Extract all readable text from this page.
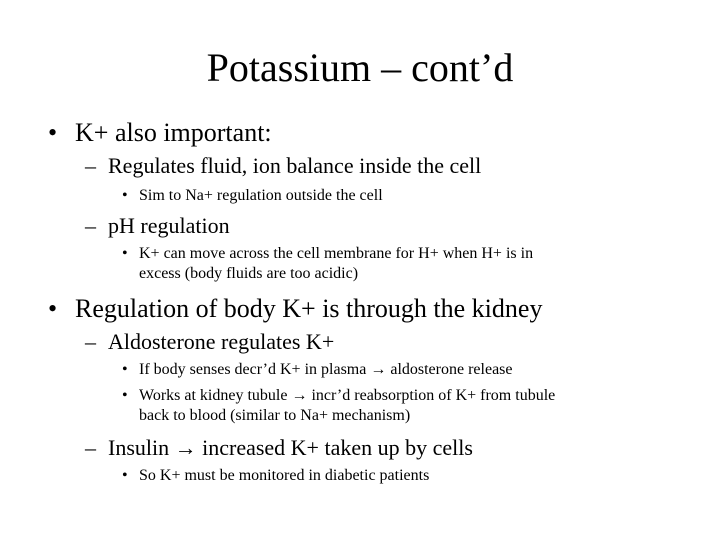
Potassium – cont’d
• K+ also important:
– Regulates fluid, ion balance inside the cell
• Sim to Na+ regulation outside the cell
– pH regulation
• K+ can move across the cell membrane for H+ when H+ is in
excess (body fluids are too acidic)
• Regulation of body K+ is through the kidney
– Aldosterone regulates K+
• If body senses decr’d K+ in plasma → aldosterone release
• Works at kidney tubule → incr’d reabsorption of K+ from tubule
back to blood (similar to Na+ mechanism)
– Insulin → increased K+ taken up by cells
• So K+ must be monitored in diabetic patients
